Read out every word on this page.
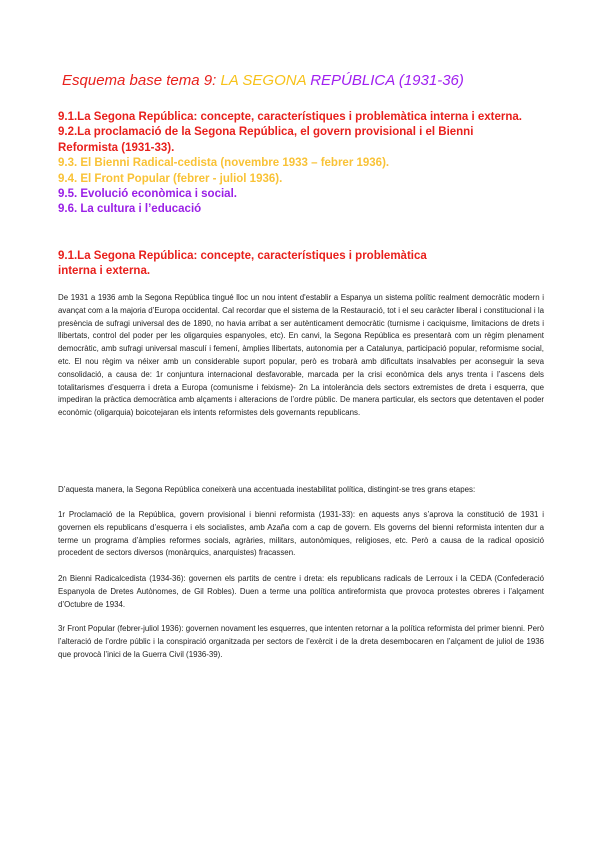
Esquema base tema 9: LA SEGONA REPÚBLICA (1931-36)
9.1.La Segona República: concepte, característiques i problemàtica interna i externa.
9.2.La proclamació de la Segona República, el govern provisional i el Bienni Reformista (1931-33).
9.3. El Bienni Radical-cedista (novembre 1933 – febrer 1936).
9.4. El Front Popular (febrer - juliol 1936).
9.5. Evolució econòmica i social.
9.6. La cultura i l’educació
9.1.La Segona República: concepte, característiques i problemàtica interna i externa.

De 1931 a 1936 amb la Segona República tingué lloc un nou intent d'establir a Espanya un sistema polític realment democràtic modern i avançat com a la majoria d’Europa occidental. Cal recordar que el sistema de la Restauració, tot i el seu caràcter liberal i constitucional i la presència de sufragi universal des de 1890, no havia arribat a ser autènticament democràtic (turnisme i caciquisme, limitacions de drets i llibertats, control del poder per les oligarquies espanyoles, etc). En canvi, la Segona República es presentarà com un règim plenament democràtic, amb sufragi universal masculí i femení, àmplies llibertats, autonomia per a Catalunya, participació popular, reformisme social, etc. El nou règim va néixer amb un considerable suport popular, però es trobarà amb dificultats insalvables per aconseguir la seva consolidació, a causa de: 1r conjuntura internacional desfavorable, marcada per la crisi econòmica dels anys trenta i l’ascens dels totalitarismes d’esquerra i dreta a Europa (comunisme i feixisme)- 2n La intolerància dels sectors extremistes de dreta i esquerra, que impediran la pràctica democràtica amb alçaments i alteracions de l’ordre públic. De manera particular, els sectors que detentaven el poder econòmic (oligarquia) boicotejaran els intents reformistes dels governants republicans.

D’aquesta manera, la Segona República coneixerà una accentuada inestabilitat política, distingint-se tres grans etapes:

1r Proclamació de la República, govern provisional i bienni reformista (1931-33): en aquests anys s’aprova la constitució de 1931 i governen els republicans d’esquerra i els socialistes, amb Azaña com a cap de govern. Els governs del bienni reformista intenten dur a terme un programa d’àmplies reformes socials, agràries, militars, autonòmiques, religioses, etc. Però a causa de la radical oposició procedent de sectors diversos (monàrquics, anarquistes) fracassen.

2n Bienni Radicalcedista (1934-36): governen els partits de centre i dreta: els republicans radicals de Lerroux i la CEDA (Confederació Espanyola de Dretes Autònomes, de Gil Robles). Duen a terme una política antireformista que provoca protestes obreres i l’alçament d’Octubre de 1934.

3r Front Popular (febrer-juliol 1936): governen novament les esquerres, que intenten retornar a la política reformista del primer bienni. Però l’alteració de l’ordre públic i la conspiració organitzada per sectors de l’exèrcit i de la dreta desembocaren en l’alçament de juliol de 1936 que provocà l’inici de la Guerra Civil (1936-39).
